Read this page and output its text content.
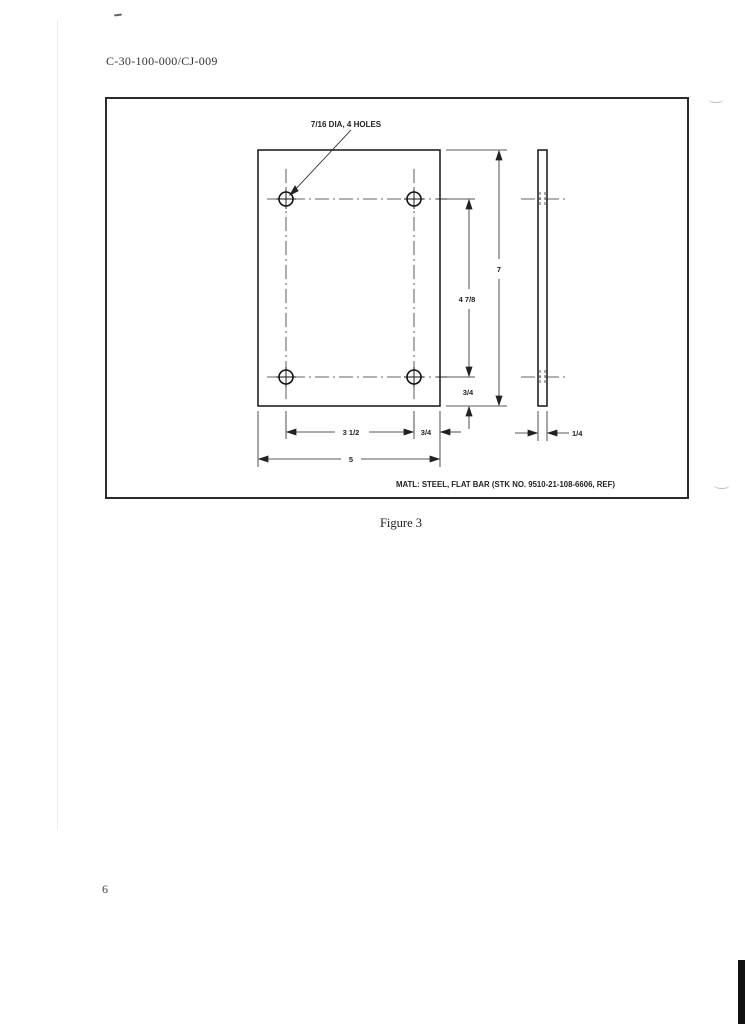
C-30-100-000/CJ-009
7/16 DIA, 4 HOLES
7
4 7/8
3/4
3 1/2	3/4
5
1/4
MATL: STEEL, FLAT BAR (STK NO. 9510-21-108-6606, REF)
Figure 3
6
